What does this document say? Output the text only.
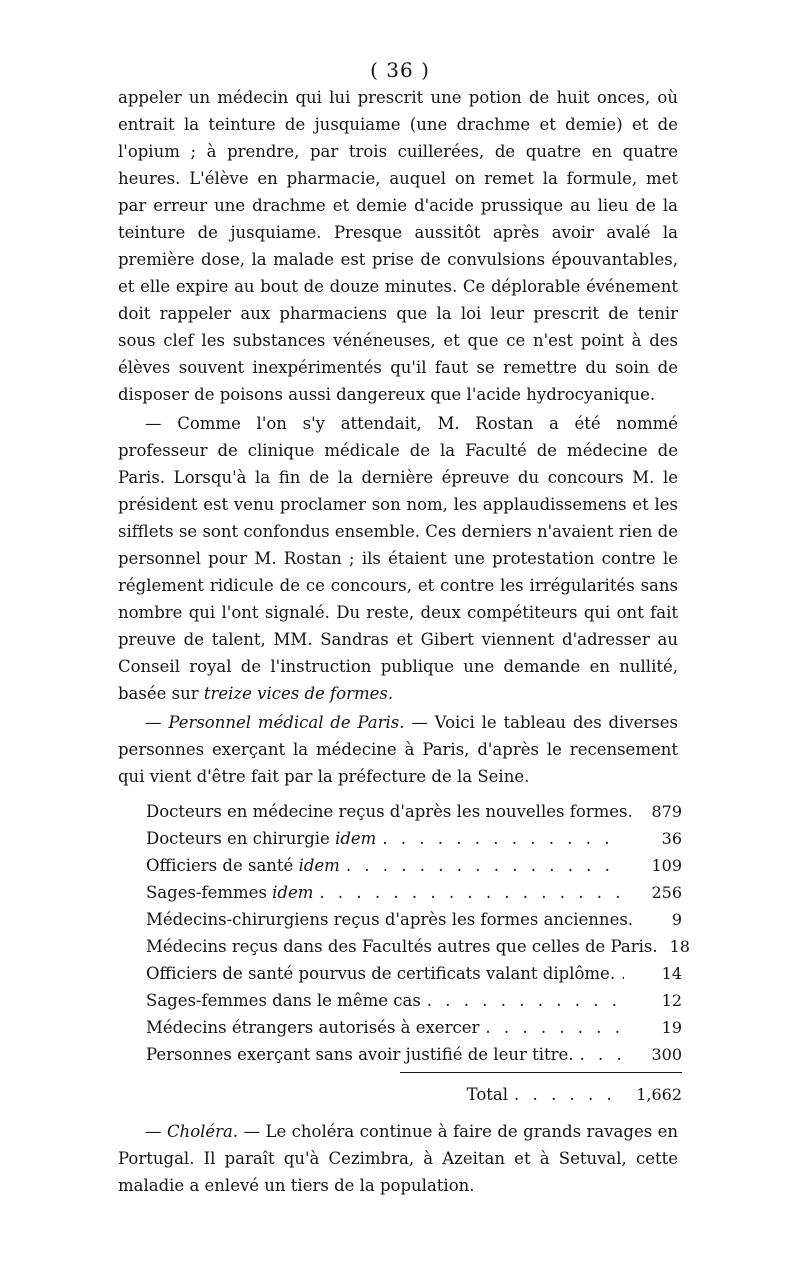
( 36 )

appeler un médecin qui lui prescrit une potion de huit onces, où entrait la teinture de jusquiame (une drachme et demie) et de l'opium ; à prendre, par trois cuillerées, de quatre en quatre heures. L'élève en pharmacie, auquel on remet la formule, met par erreur une drachme et demie d'acide prussique au lieu de la teinture de jusquiame. Presque aussitôt après avoir avalé la première dose, la malade est prise de convulsions épouvantables, et elle expire au bout de douze minutes. Ce déplorable événement doit rappeler aux pharmaciens que la loi leur prescrit de tenir sous clef les substances vénéneuses, et que ce n'est point à des élèves souvent inexpérimentés qu'il faut se remettre du soin de disposer de poisons aussi dangereux que l'acide hydrocyanique.

— Comme l'on s'y attendait, M. Rostan a été nommé professeur de clinique médicale de la Faculté de médecine de Paris. Lorsqu'à la fin de la dernière épreuve du concours M. le président est venu proclamer son nom, les applaudissemens et les sifflets se sont confondus ensemble. Ces derniers n'avaient rien de personnel pour M. Rostan ; ils étaient une protestation contre le réglement ridicule de ce concours, et contre les irrégularités sans nombre qui l'ont signalé. Du reste, deux compétiteurs qui ont fait preuve de talent, MM. Sandras et Gibert viennent d'adresser au Conseil royal de l'instruction publique une demande en nullité, basée sur treize vices de formes.

— Personnel médical de Paris. — Voici le tableau des diverses personnes exerçant la médecine à Paris, d'après le recensement qui vient d'être fait par la préfecture de la Seine.

Docteurs en médecine reçus d'après les nouvelles formes.	879
Docteurs en chirurgie idem . . .	36
Officiers de santé idem . . .	109
Sages-femmes idem . . .	256
Médecins-chirurgiens reçus d'après les formes anciennes.	9
Médecins reçus dans des Facultés autres que celles de Paris. 18
Officiers de santé pourvus de certificats valant diplôme. . . .	14
Sages-femmes dans le même cas . . .	12
Médecins étrangers autorisés à exercer . . .	19
Personnes exerçant sans avoir justifié de leur titre. . . .	300
Total . . .	1,662

— Choléra. — Le choléra continue à faire de grands ravages en Portugal. Il paraît qu'à Cezimbra, à Azeitan et à Setuval, cette maladie a enlevé un tiers de la population.
